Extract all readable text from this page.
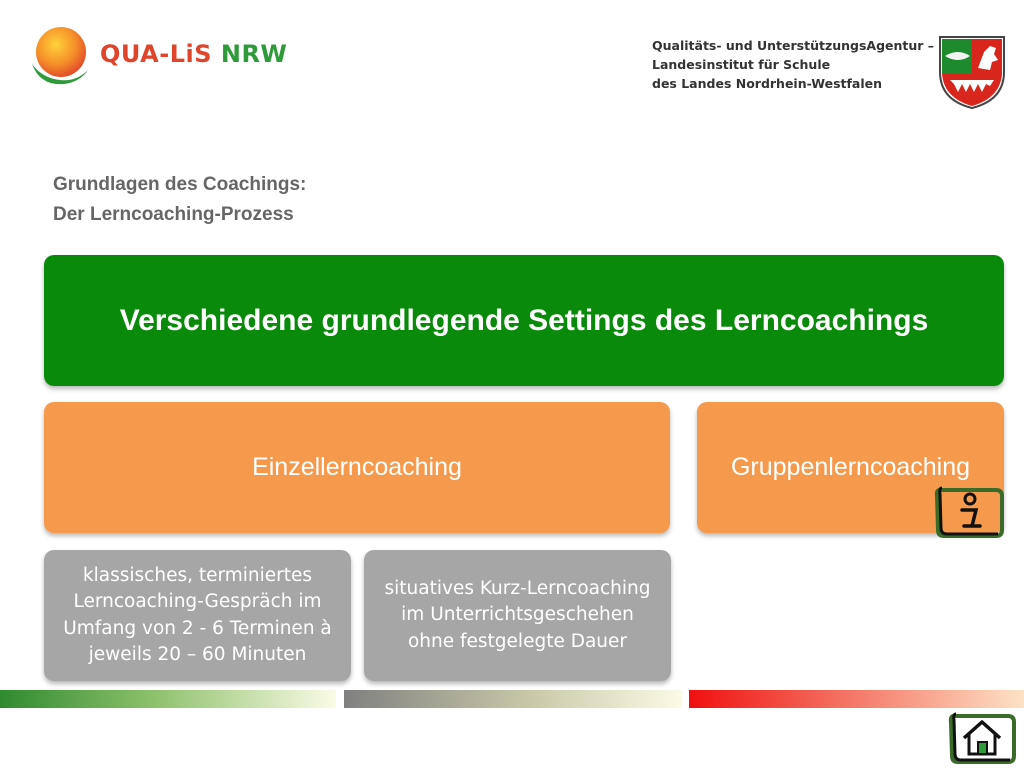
QUA-LiS NRW	Qualitäts- und UnterstützungsAgentur –
Landesinstitut für Schule
des Landes Nordrhein-Westfalen
Grundlagen des Coachings:
Der Lerncoaching-Prozess
Verschiedene grundlegende Settings des Lerncoachings
Einzellerncoaching	Gruppenlerncoaching
klassisches, terminiertes Lerncoaching-Gespräch im Umfang von 2 - 6 Terminen à jeweils 20 – 60 Minuten
situatives Kurz-Lerncoaching im Unterrichtsgeschehen ohne festgelegte Dauer
